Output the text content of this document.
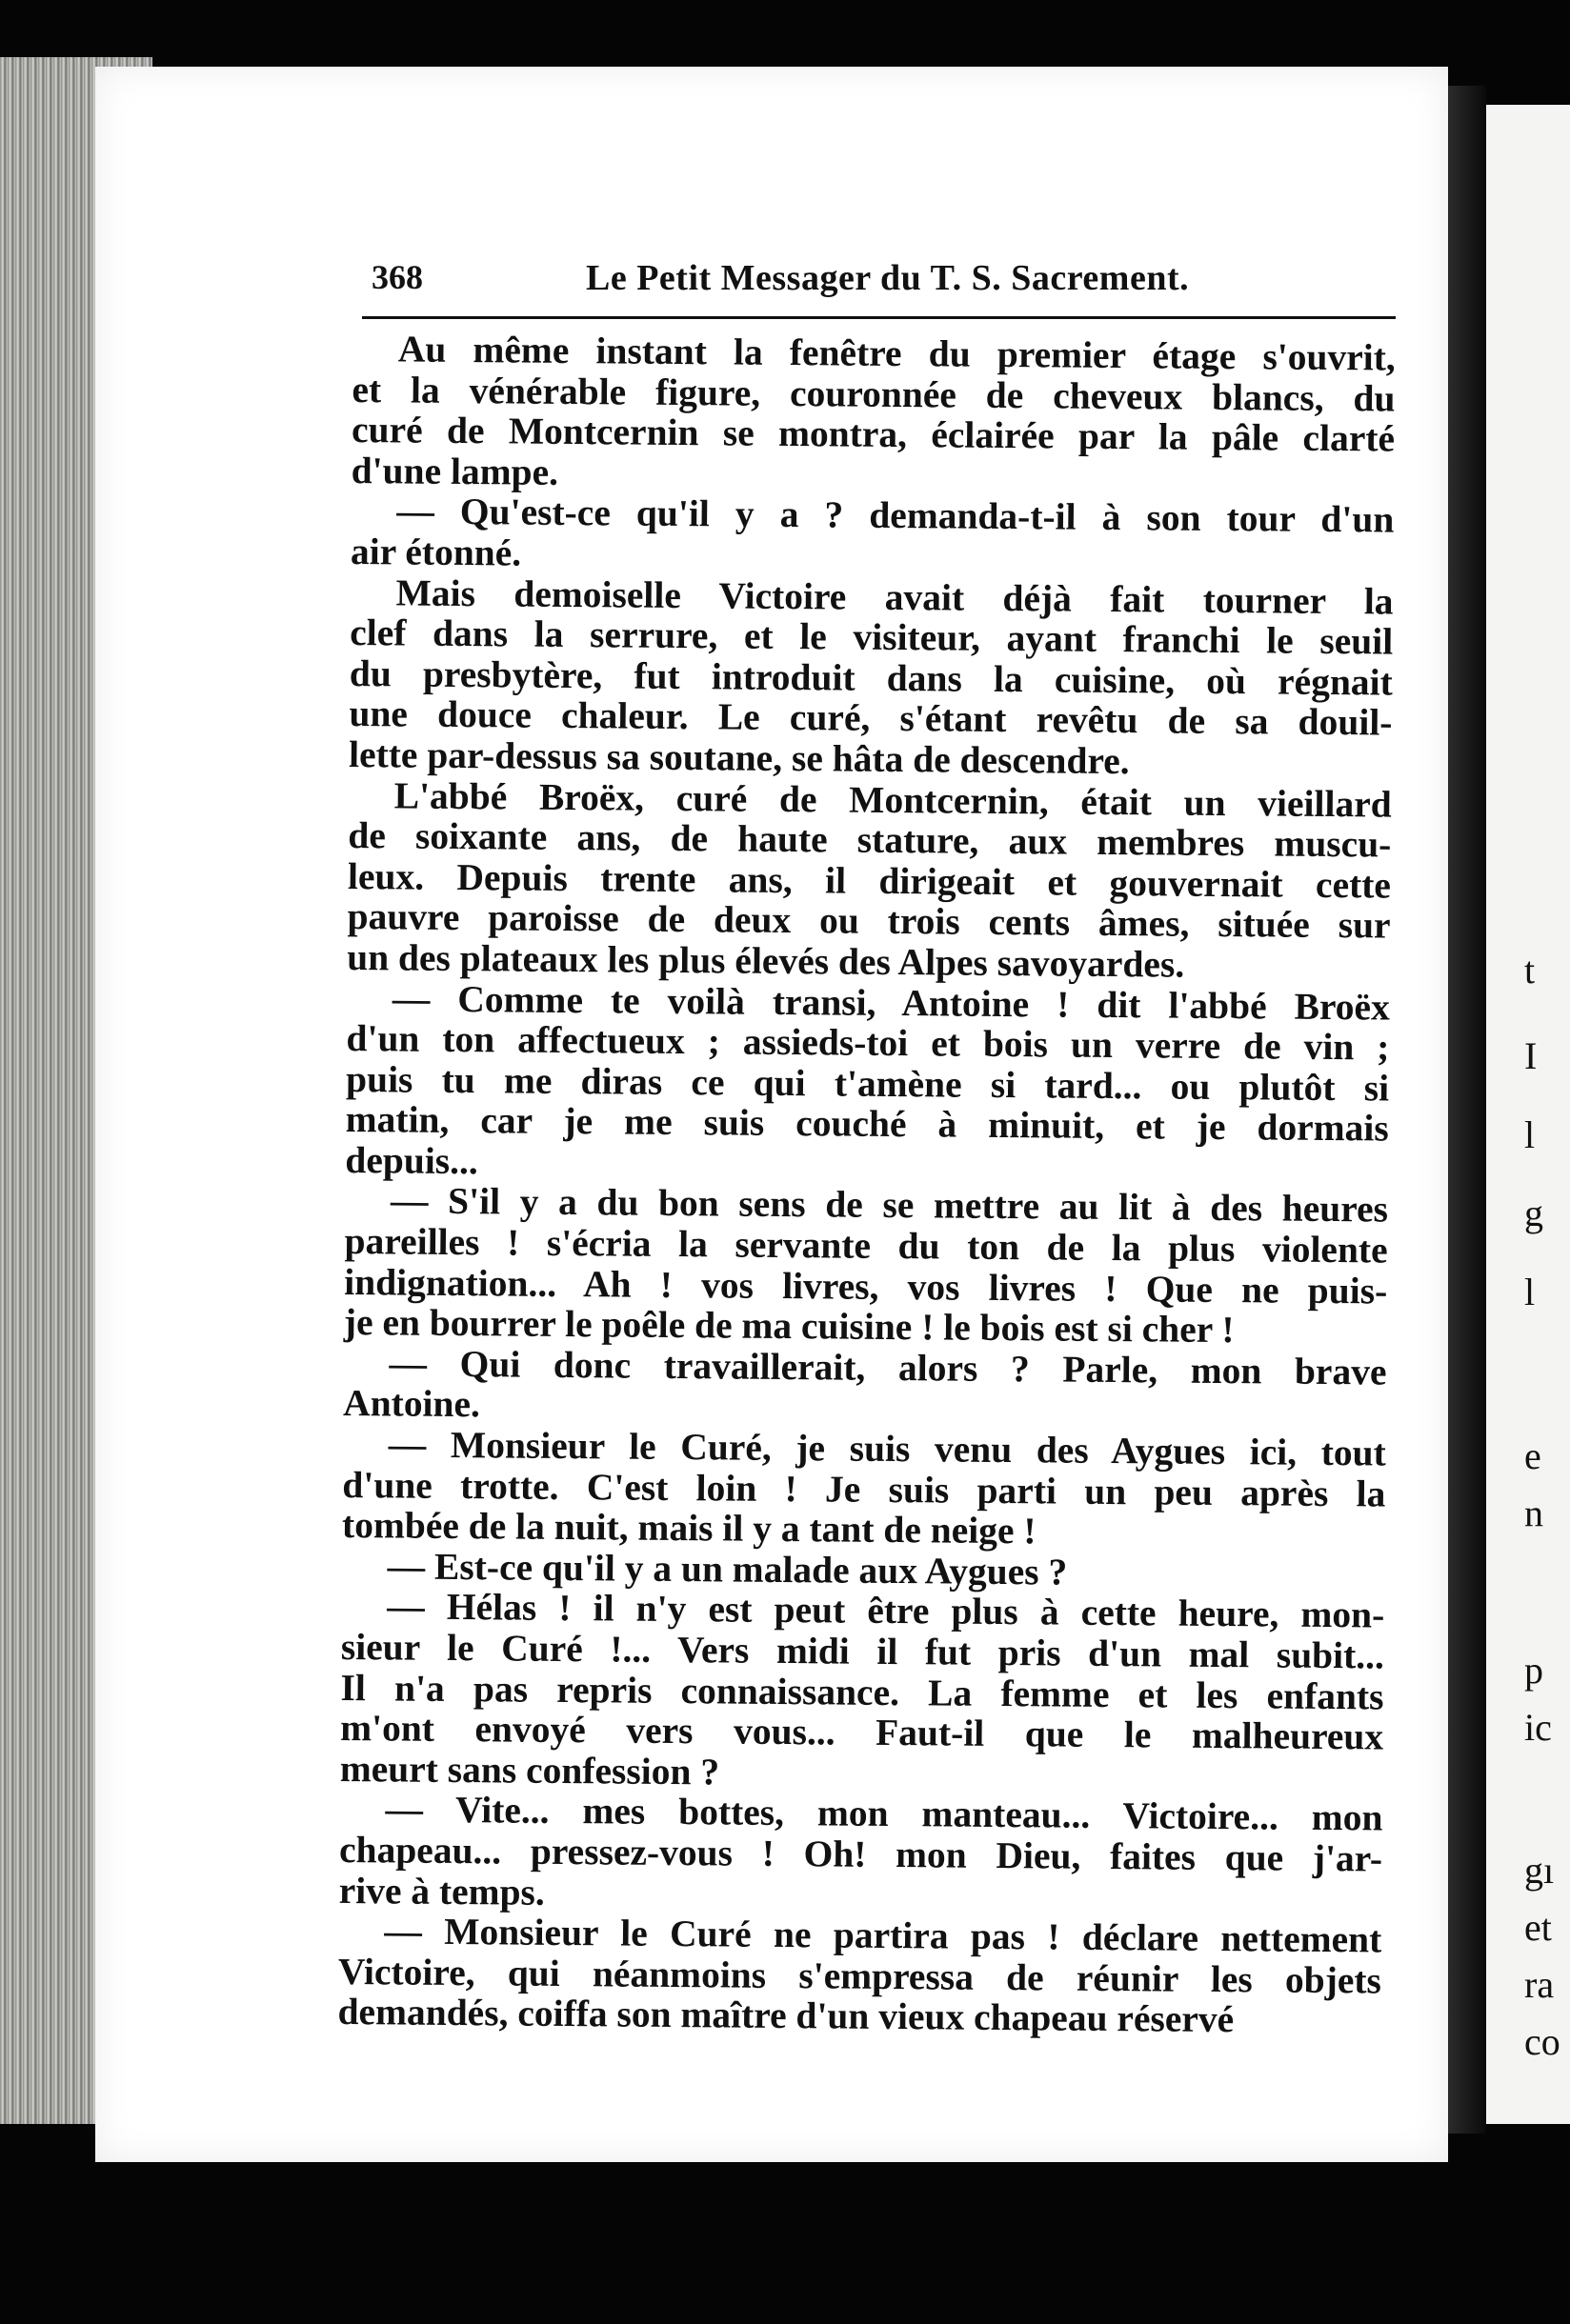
t
I
l
g
l
e
n
p
ic
gı
et
ra
co
368	Le Petit Messager du T. S. Sacrement.

Au même instant la fenêtre du premier étage s'ouvrit,

et la vénérable figure, couronnée de cheveux blancs, du

curé de Montcernin se montra, éclairée par la pâle clarté

d'une lampe.

— Qu'est-ce qu'il y a ? demanda-t-il à son tour d'un

air étonné.

Mais demoiselle Victoire avait déjà fait tourner la

clef dans la serrure, et le visiteur, ayant franchi le seuil

du presbytère, fut introduit dans la cuisine, où régnait

une douce chaleur. Le curé, s'étant revêtu de sa douil-

lette par-dessus sa soutane, se hâta de descendre.

L'abbé Broëx, curé de Montcernin, était un vieillard

de soixante ans, de haute stature, aux membres muscu-

leux. Depuis trente ans, il dirigeait et gouvernait cette

pauvre paroisse de deux ou trois cents âmes, située sur

un des plateaux les plus élevés des Alpes savoyardes.

— Comme te voilà transi, Antoine ! dit l'abbé Broëx

d'un ton affectueux ; assieds-toi et bois un verre de vin ;

puis tu me diras ce qui t'amène si tard... ou plutôt si

matin, car je me suis couché à minuit, et je dormais

depuis...

— S'il y a du bon sens de se mettre au lit à des heures

pareilles ! s'écria la servante du ton de la plus violente

indignation... Ah ! vos livres, vos livres ! Que ne puis-

je en bourrer le poêle de ma cuisine ! le bois est si cher !

— Qui donc travaillerait, alors ? Parle, mon brave

Antoine.

— Monsieur le Curé, je suis venu des Aygues ici, tout

d'une trotte. C'est loin ! Je suis parti un peu après la

tombée de la nuit, mais il y a tant de neige !

— Est-ce qu'il y a un malade aux Aygues ?

— Hélas ! il n'y est peut être plus à cette heure, mon-

sieur le Curé !... Vers midi il fut pris d'un mal subit...

Il n'a pas repris connaissance. La femme et les enfants

m'ont envoyé vers vous... Faut-il que le malheureux

meurt sans confession ?

— Vite... mes bottes, mon manteau... Victoire... mon

chapeau... pressez-vous ! Oh! mon Dieu, faites que j'ar-

rive à temps.

— Monsieur le Curé ne partira pas ! déclare nettement

Victoire, qui néanmoins s'empressa de réunir les objets

demandés, coiffa son maître d'un vieux chapeau réservé
